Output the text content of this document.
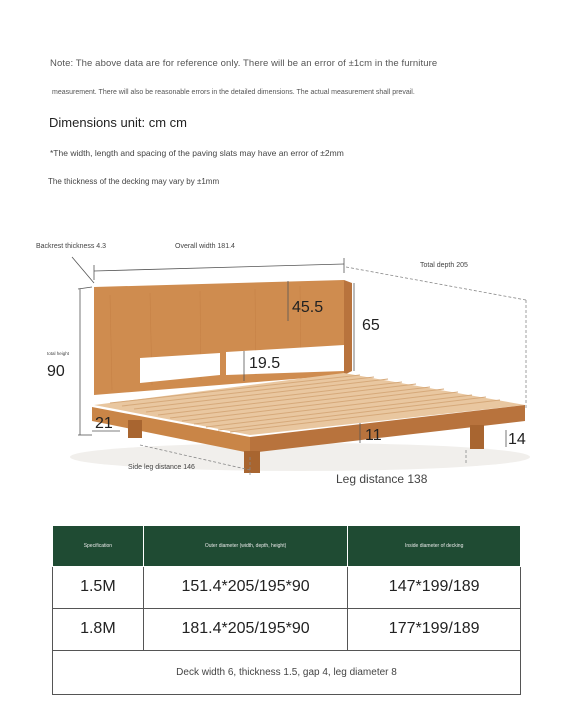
Note: The above data are for reference only. There will be an error of ±1cm in the furniture
measurement. There will also be reasonable errors in the detailed dimensions. The actual measurement shall prevail.
Dimensions unit: cm cm
*The width, length and spacing of the paving slats may have an error of ±2mm
The thickness of the decking may vary by ±1mm
Backrest thickness 4.3	Overall width 181.4
Total depth 205
total height
90
45.5
65
19.5
21
11	14
Side leg distance 146
Leg distance 138
Specification	Outer diameter (width, depth, height)	Inside diameter of decking
1.5M	151.4*205/195*90	147*199/189
1.8M	181.4*205/195*90	177*199/189
Deck width 6, thickness 1.5, gap 4, leg diameter 8		
